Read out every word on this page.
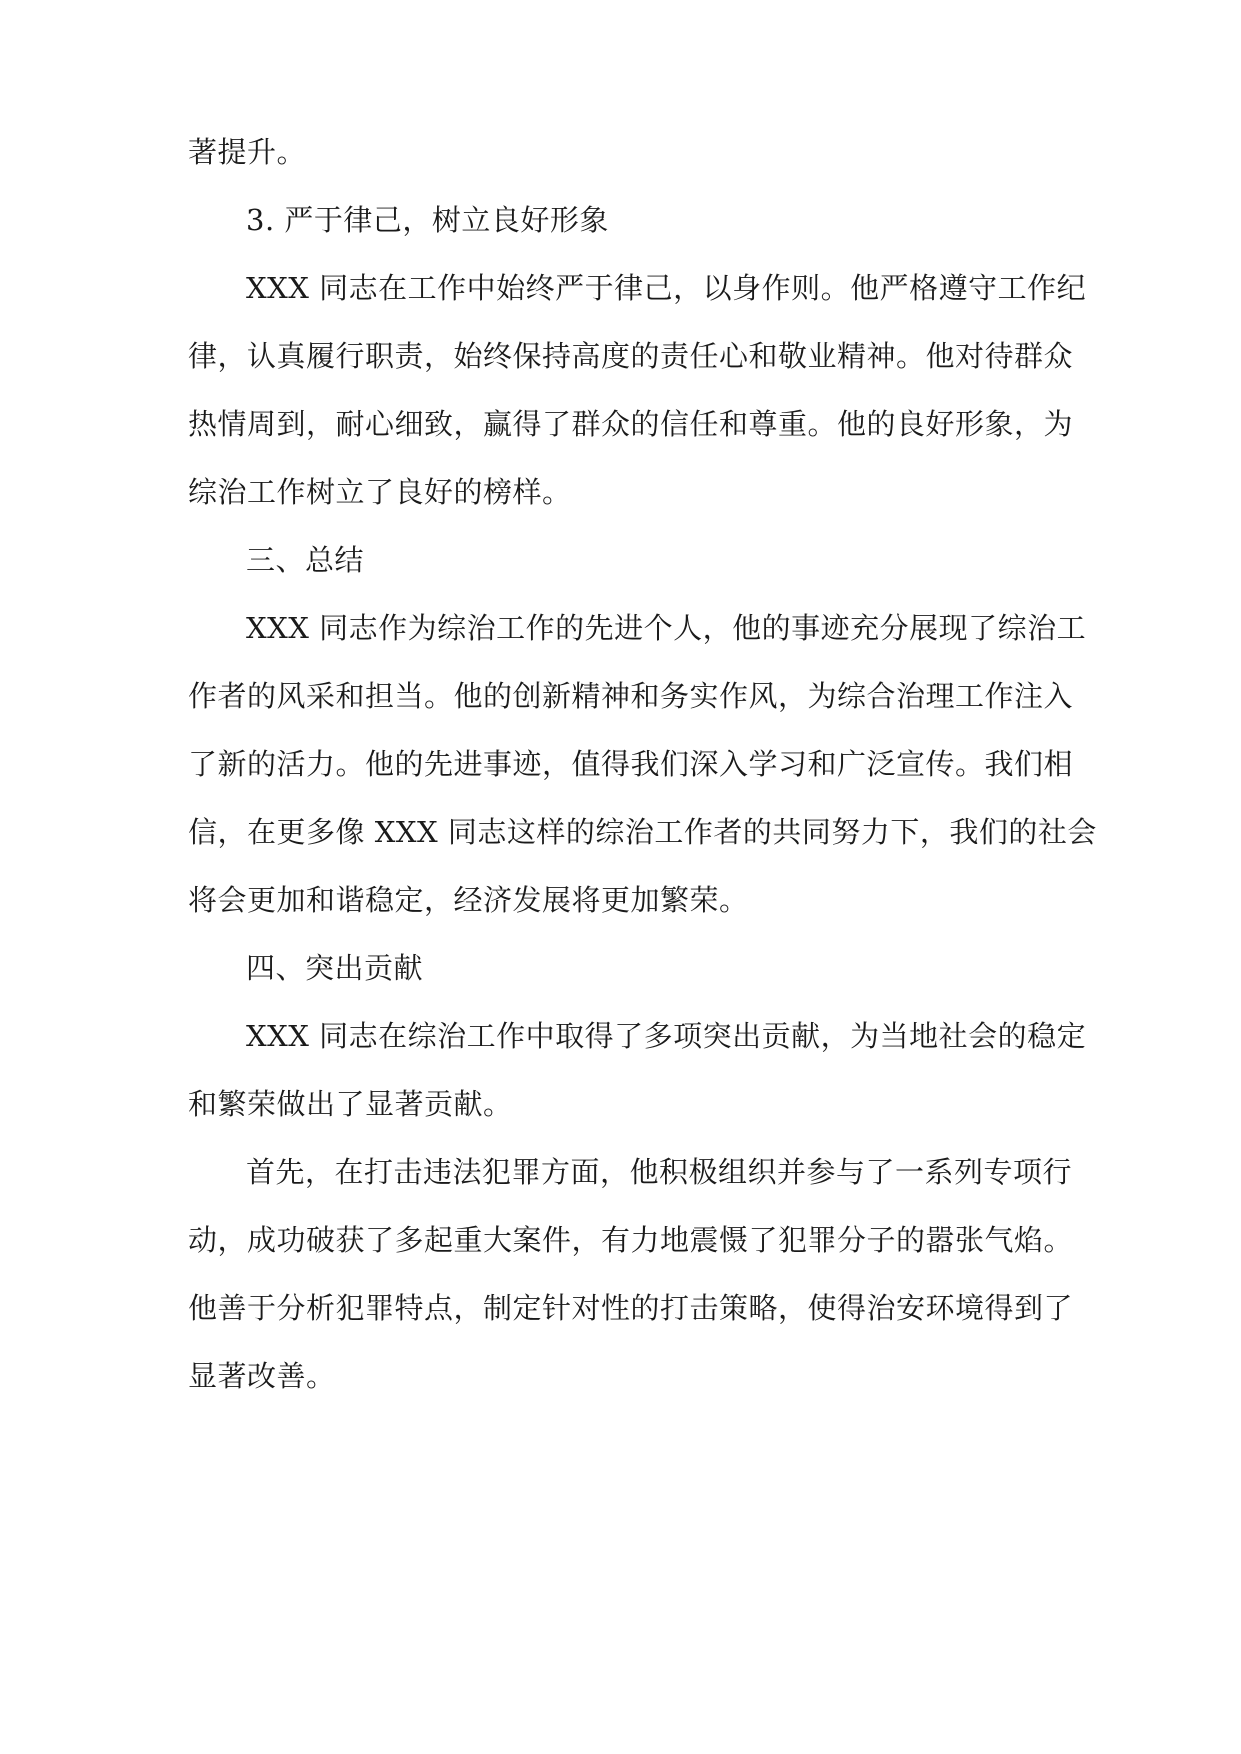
著提升。

3. 严于律己，树立良好形象

XXX 同志在工作中始终严于律己，以身作则。他严格遵守工作纪

律，认真履行职责，始终保持高度的责任心和敬业精神。他对待群众

热情周到，耐心细致，赢得了群众的信任和尊重。他的良好形象，为

综治工作树立了良好的榜样。

三、总结

XXX 同志作为综治工作的先进个人，他的事迹充分展现了综治工

作者的风采和担当。他的创新精神和务实作风，为综合治理工作注入

了新的活力。他的先进事迹，值得我们深入学习和广泛宣传。我们相

信，在更多像 XXX 同志这样的综治工作者的共同努力下，我们的社会

将会更加和谐稳定，经济发展将更加繁荣。

四、突出贡献

XXX 同志在综治工作中取得了多项突出贡献，为当地社会的稳定

和繁荣做出了显著贡献。

首先，在打击违法犯罪方面，他积极组织并参与了一系列专项行

动，成功破获了多起重大案件，有力地震慑了犯罪分子的嚣张气焰。

他善于分析犯罪特点，制定针对性的打击策略，使得治安环境得到了

显著改善。
